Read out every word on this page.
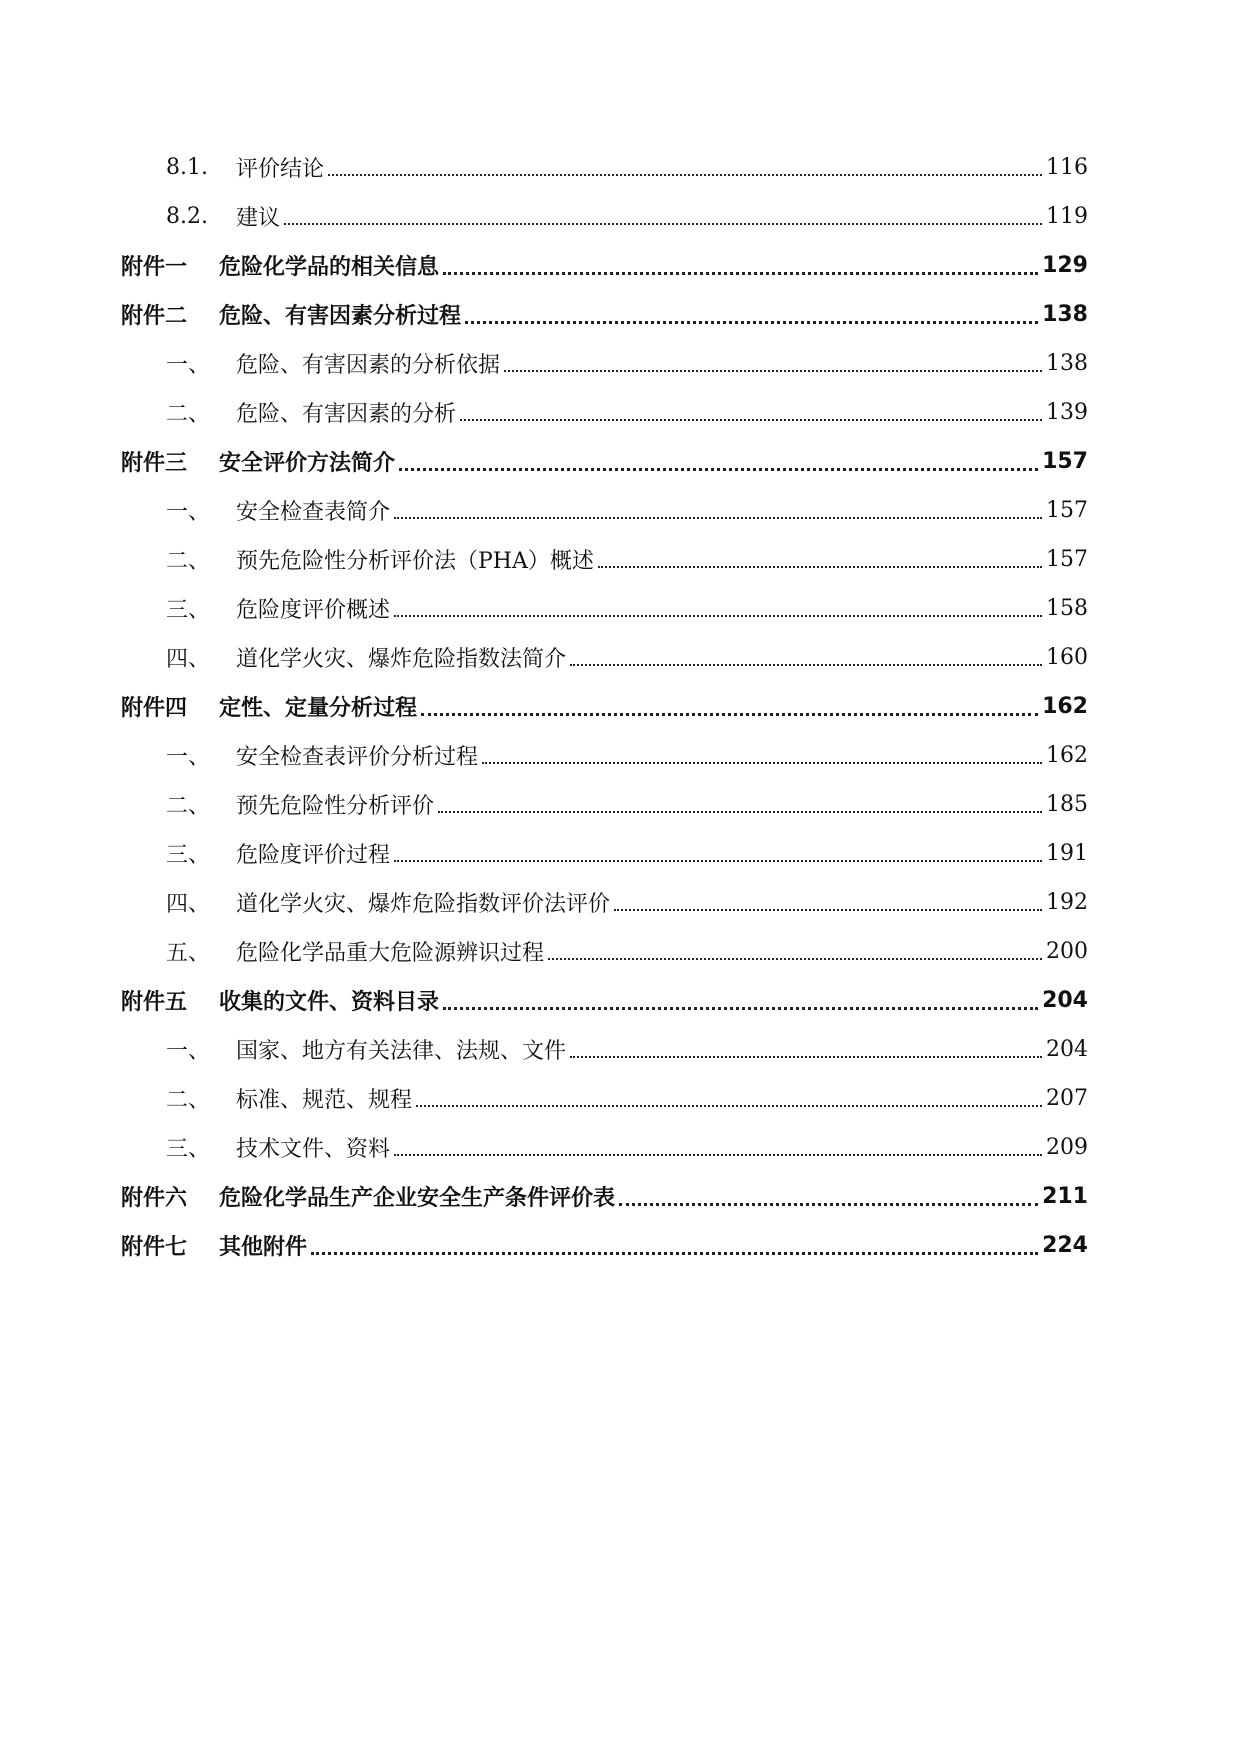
8.1.	评价结论	116
8.2.	建议	119
附件一	危险化学品的相关信息	129
附件二	危险、有害因素分析过程	138
一、	危险、有害因素的分析依据	138
二、	危险、有害因素的分析	139
附件三	安全评价方法简介	157
一、	安全检查表简介	157
二、	预先危险性分析评价法（PHA）概述	157
三、	危险度评价概述	158
四、	道化学火灾、爆炸危险指数法简介	160
附件四	定性、定量分析过程	162
一、	安全检查表评价分析过程	162
二、	预先危险性分析评价	185
三、	危险度评价过程	191
四、	道化学火灾、爆炸危险指数评价法评价	192
五、	危险化学品重大危险源辨识过程	200
附件五	收集的文件、资料目录	204
一、	国家、地方有关法律、法规、文件	204
二、	标准、规范、规程	207
三、	技术文件、资料	209
附件六	危险化学品生产企业安全生产条件评价表	211
附件七	其他附件	224
